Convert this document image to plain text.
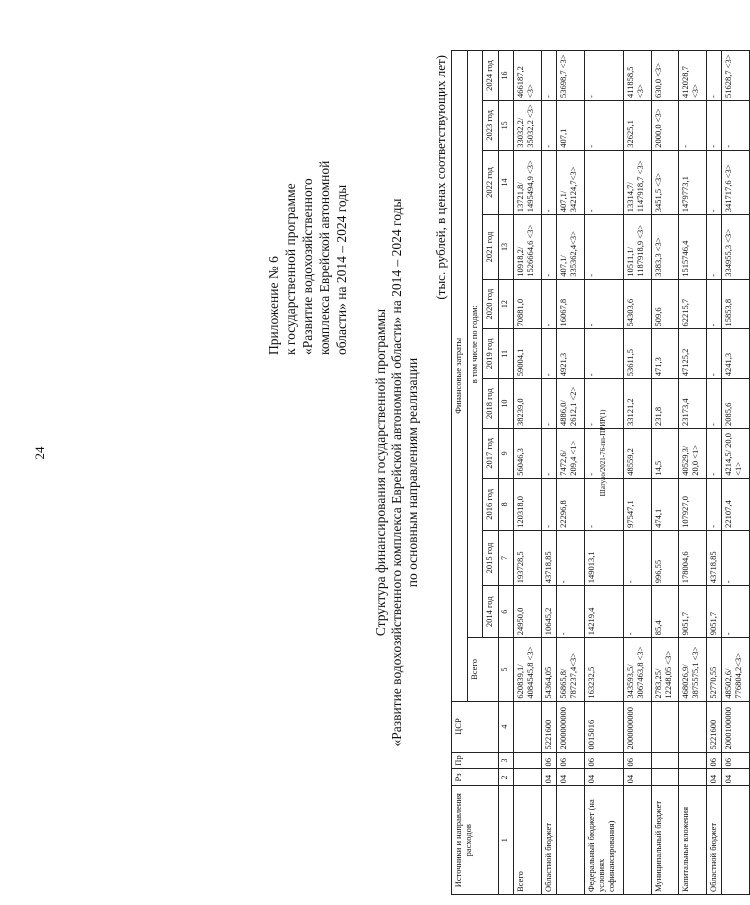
24	Шатуло/2021-76-пп-ПРИР(1)
Приложение № 6 к государственной программе «Развитие водохозяйственного комплекса Еврейской автономной области» на 2014 – 2024 годы
Структура финансирования государственной программы «Развитие водохозяйственного комплекса Еврейской автономной области» на 2014 – 2024 годы по основным направлениям реализации
(тыс. рублей, в ценах соответствующих лет)
Источники и направления расходов	Рз	Пр	ЦСР	Финансовые затраты											
				Всего	в том числе по годам:										
					2014 год	2015 год	2016 год	2017 год	2018 год	2019 год	2020 год	2021 год	2022 год	2023 год	2024 год
1	2	3	4	5	6	7	8	9	10	11	12	13	14	15	16
Всего				620839,1/ 4084545,8 <3>	24950,0	193728,5	120318,0	56046,3	38239,0	59004,1	70881,0	10918,2/ 1526664,6 <3>	13721,8/ 1495494,9 <3>	33032,2/ 35032,2 <3>	466187,2 <3>
Областной бюджет	04	06	5221600	54364,05	10645,2	43718,85	-	-	-	-	-	-	-	-	-
	04	06	2000000000	56865,8/ 787237,4<3>	-	-	22296,8	7472,6/ 209,4 <1>	4886,0/ 2612,1 <2>	4921,3	16067,8	407,1/ 335362,4<3>	407,1/ 342124,7<3>	407,1	53698,7 <3>
Федеральный бюджет (на условиях софинансирования)	04	06	0015016	163232,5	14219,4	149013,1	-	-	-	-	-	-	-	-	-
	04	06	2000000000	343593,5/ 3067463,8 <3>	-	-	97547,1	48559,2	33121,2	53611,5	54303,6	10511,1/ 1187918,9 <3>	13314,7/ 1147918,7 <3>	32625,1	411858,5 <3>
Муниципальный бюджет				2783,25/ 12248,05 <3>	85,4	996,55	474,1	14,5	231,8	471,3	509,6	3383,3 <3>	3451,5 <3>	2000,0 <3>	630,0 <3>
Капитальные вложения				468026,9/ 3875575,1 <3>	9051,7	178004,6	107927,0	40529,3/ 20,0 <1>	23173,4	47125,2	62215,7	1515746,4	1479773,1	-	412028,7 <3>
Областной бюджет	04	06	5221600	52770,55	9051,7	43718,85	-	-	-	-	-	-	-	-	-
	04	06	2000100000	48502,6/ 776804,2<3>	-	-	22107,4	4214,5/ 20,0 <1>	2085,6	4241,3	15853,8	334955,3 <3>	341717,6 <3>	-	51628,7 <3>
